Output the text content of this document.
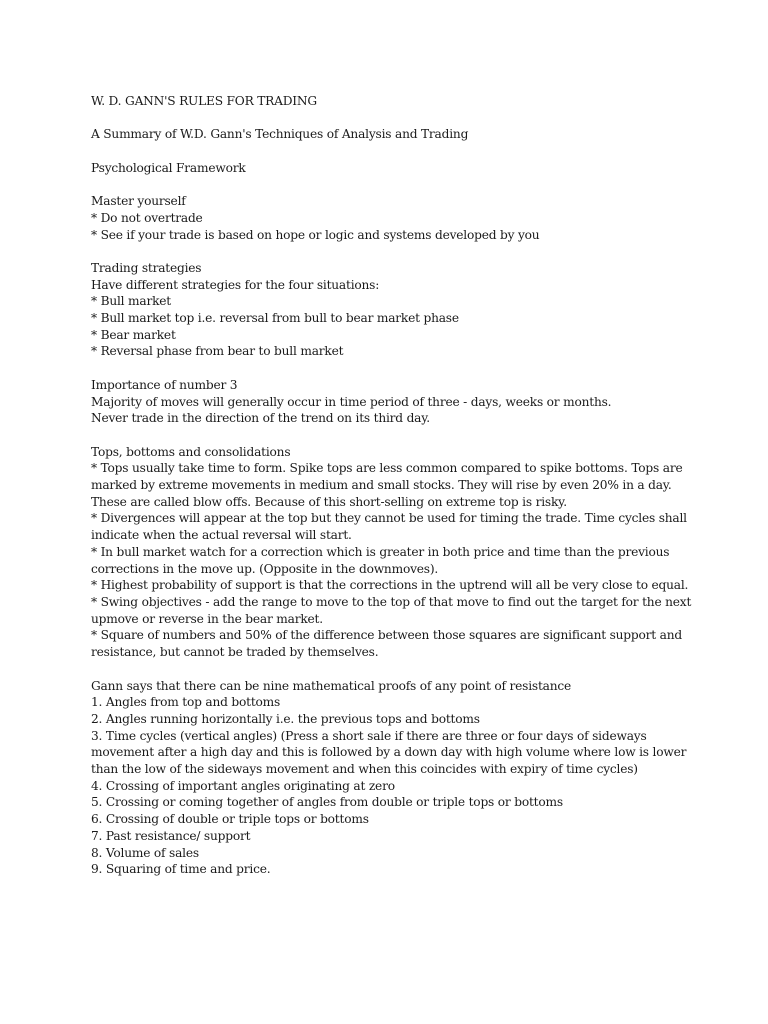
W. D. GANN'S RULES FOR TRADING
A Summary of W.D. Gann's Techniques of Analysis and Trading
Psychological Framework
Master yourself
* Do not overtrade
* See if your trade is based on hope or logic and systems developed by you
Trading strategies
Have different strategies for the four situations:
* Bull market
* Bull market top i.e. reversal from bull to bear market phase
* Bear market
* Reversal phase from bear to bull market
Importance of number 3
Majority of moves will generally occur in time period of three - days, weeks or months.
Never trade in the direction of the trend on its third day.
Tops, bottoms and consolidations
* Tops usually take time to form. Spike tops are less common compared to spike bottoms. Tops are
marked by extreme movements in medium and small stocks. They will rise by even 20% in a day.
These are called blow offs. Because of this short-selling on extreme top is risky.
* Divergences will appear at the top but they cannot be used for timing the trade. Time cycles shall
indicate when the actual reversal will start.
* In bull market watch for a correction which is greater in both price and time than the previous
corrections in the move up. (Opposite in the downmoves).
* Highest probability of support is that the corrections in the uptrend will all be very close to equal.
* Swing objectives - add the range to move to the top of that move to find out the target for the next
upmove or reverse in the bear market.
* Square of numbers and 50% of the difference between those squares are significant support and
resistance, but cannot be traded by themselves.
Gann says that there can be nine mathematical proofs of any point of resistance
1. Angles from top and bottoms
2. Angles running horizontally i.e. the previous tops and bottoms
3. Time cycles (vertical angles) (Press a short sale if there are three or four days of sideways
movement after a high day and this is followed by a down day with high volume where low is lower
than the low of the sideways movement and when this coincides with expiry of time cycles)
4. Crossing of important angles originating at zero
5. Crossing or coming together of angles from double or triple tops or bottoms
6. Crossing of double or triple tops or bottoms
7. Past resistance/ support
8. Volume of sales
9. Squaring of time and price.
